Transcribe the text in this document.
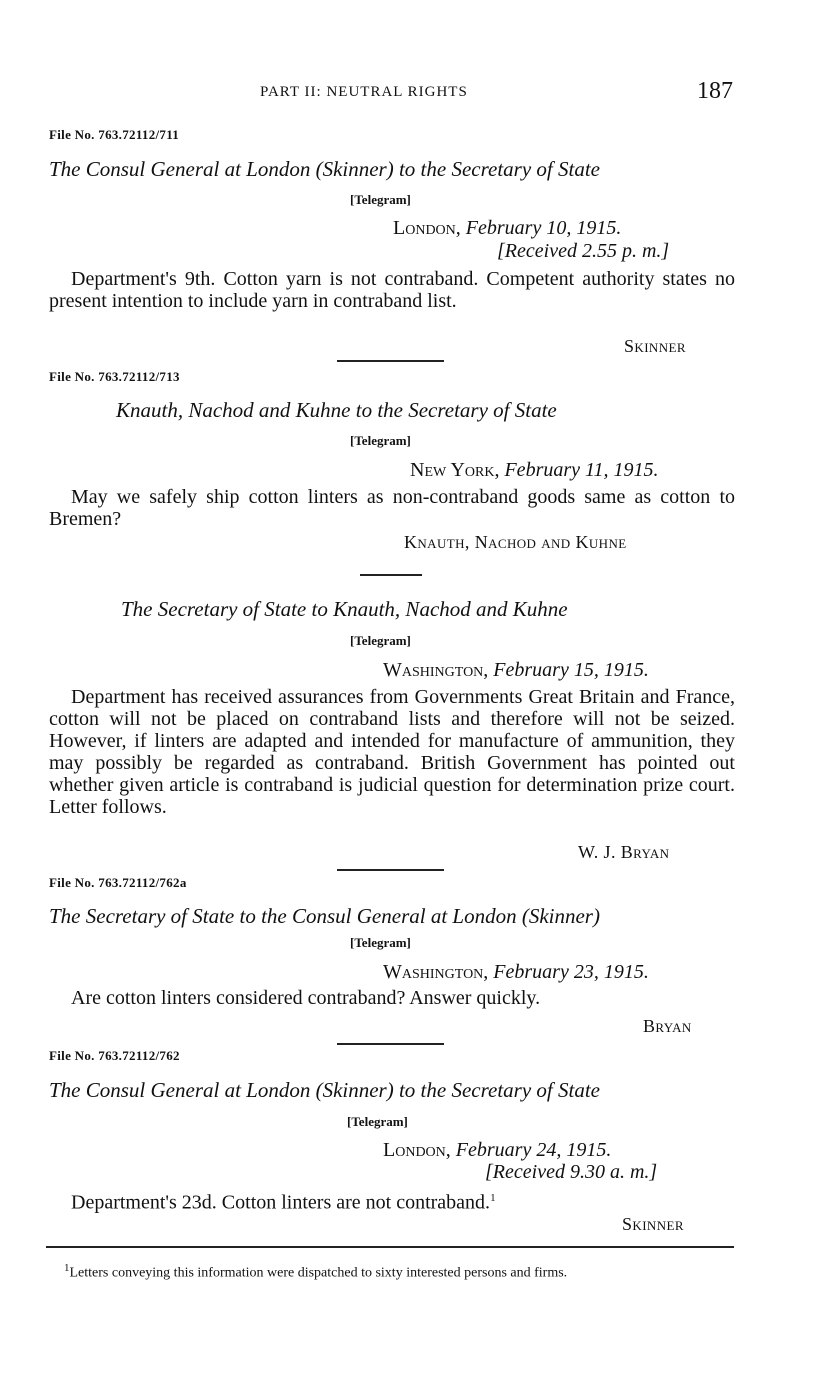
PART II: NEUTRAL RIGHTS	187
File No. 763.72112/711
The Consul General at London (Skinner) to the Secretary of State
[Telegram]
London, February 10, 1915.
[Received 2.55 p. m.]
Department's 9th. Cotton yarn is not contraband. Competent authority states no present intention to include yarn in contraband list.
Skinner
File No. 763.72112/713
Knauth, Nachod and Kuhne to the Secretary of State
[Telegram]
New York, February 11, 1915.
May we safely ship cotton linters as non-contraband goods same as cotton to Bremen?
Knauth, Nachod and Kuhne
The Secretary of State to Knauth, Nachod and Kuhne
[Telegram]
Washington, February 15, 1915.
Department has received assurances from Governments Great Britain and France, cotton will not be placed on contraband lists and therefore will not be seized. However, if linters are adapted and intended for manufacture of ammunition, they may possibly be regarded as contraband. British Government has pointed out whether given article is contraband is judicial question for determination prize court. Letter follows.
W. J. Bryan
File No. 763.72112/762a
The Secretary of State to the Consul General at London (Skinner)
[Telegram]
Washington, February 23, 1915.
Are cotton linters considered contraband? Answer quickly.
Bryan
File No. 763.72112/762
The Consul General at London (Skinner) to the Secretary of State
[Telegram]
London, February 24, 1915.
[Received 9.30 a. m.]
Department's 23d. Cotton linters are not contraband.$^1$
Skinner
$^1$Letters conveying this information were dispatched to sixty interested persons and firms.
